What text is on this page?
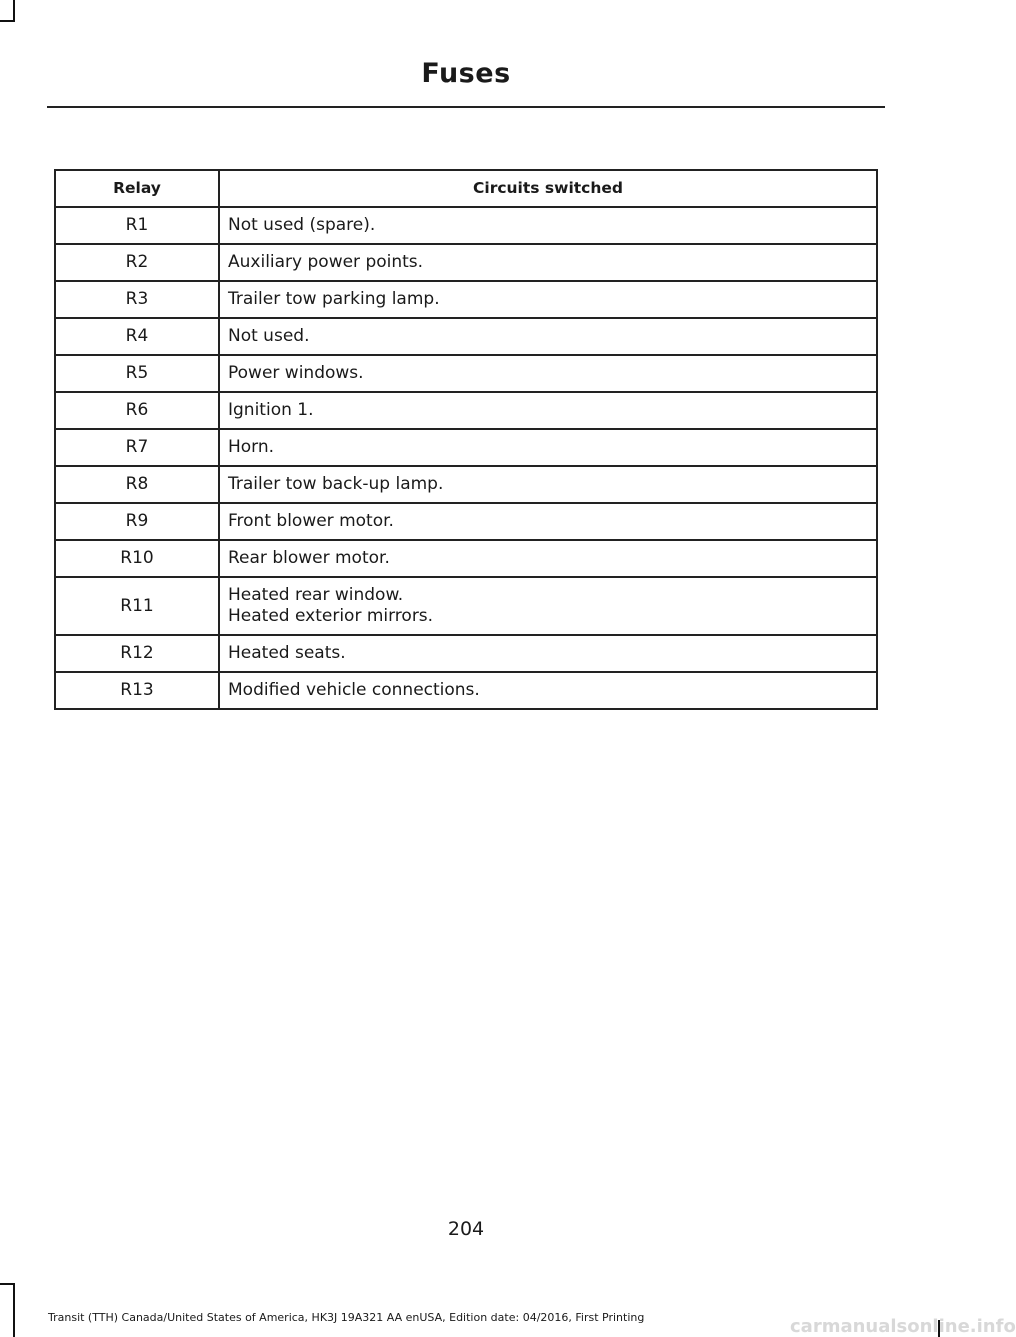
Fuses
Relay	Circuits switched
R1	Not used (spare).

R2	Auxiliary power points.

R3	Trailer tow parking lamp.

R4	Not used.

R5	Power windows.

R6	Ignition 1.

R7	Horn.

R8	Trailer tow back-up lamp.

R9	Front blower motor.

R10	Rear blower motor.

R11	Heated rear window.
Heated exterior mirrors.

R12	Heated seats.

R13	Modified vehicle connections.
204
Transit (TTH) Canada/United States of America, HK3J 19A321 AA enUSA, Edition date: 04/2016, First Printing	carmanualsonline.info
